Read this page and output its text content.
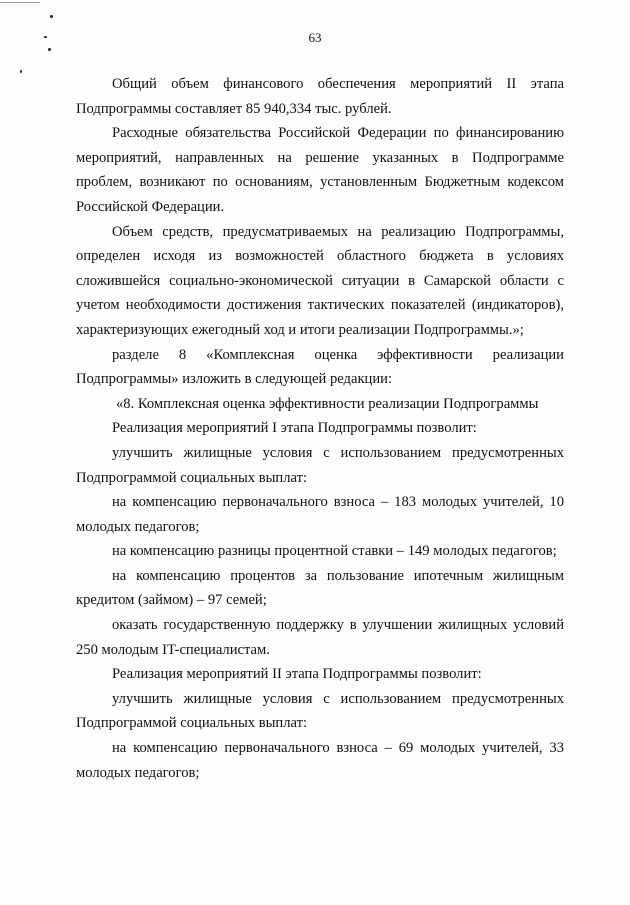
63

Общий объем финансового обеспечения мероприятий II этапа Подпрограммы составляет 85 940,334 тыс. рублей.

Расходные обязательства Российской Федерации по финансированию мероприятий, направленных на решение указанных в Подпрограмме проблем, возникают по основаниям, установленным Бюджетным кодексом Российской Федерации.

Объем средств, предусматриваемых на реализацию Подпрограммы, определен исходя из возможностей областного бюджета в условиях сложившейся социально-экономической ситуации в Самарской области с учетом необходимости достижения тактических показателей (индикаторов), характеризующих ежегодный ход и итоги реализации Подпрограммы.»;

разделе 8 «Комплексная оценка эффективности реализации Подпрограммы» изложить в следующей редакции:

«8. Комплексная оценка эффективности реализации Подпрограммы

Реализация мероприятий I этапа Подпрограммы позволит:

улучшить жилищные условия с использованием предусмотренных Подпрограммой социальных выплат:

на компенсацию первоначального взноса – 183 молодых учителей, 10 молодых педагогов;

на компенсацию разницы процентной ставки – 149 молодых педагогов;

на компенсацию процентов за пользование ипотечным жилищным кредитом (займом) – 97 семей;

оказать государственную поддержку в улучшении жилищных условий 250 молодым IT-специалистам.

Реализация мероприятий II этапа Подпрограммы позволит:

улучшить жилищные условия с использованием предусмотренных Подпрограммой социальных выплат:

на компенсацию первоначального взноса – 69 молодых учителей, 33 молодых педагогов;
